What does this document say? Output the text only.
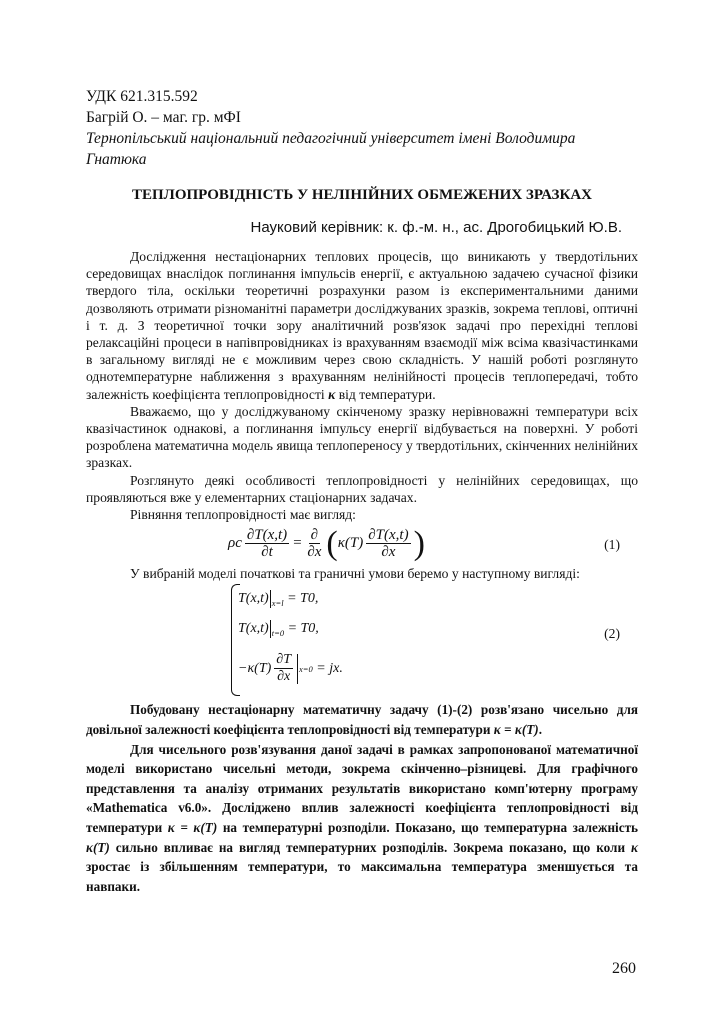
УДК 621.315.592
Багрій О. – маг. гр. мФІ
Тернопільський національний педагогічний університет імені Володимира Гнатюка
ТЕПЛОПРОВІДНІСТЬ У НЕЛІНІЙНИХ ОБМЕЖЕНИХ ЗРАЗКАХ
Науковий керівник: к. ф.-м. н., ас. Дрогобицький Ю.В.

Дослідження нестаціонарних теплових процесів, що виникають у твердотільних середовищах внаслідок поглинання імпульсів енергії, є актуальною задачею сучасної фізики твердого тіла, оскільки теоретичні розрахунки разом із експериментальними даними дозволяють отримати різноманітні параметри досліджуваних зразків, зокрема теплові, оптичні і т. д. З теоретичної точки зору аналітичний розв'язок задачі про перехідні теплові релаксаційні процеси в напівпровідниках із врахуванням взаємодії між всіма квазічастинками в загальному вигляді не є можливим через свою складність. У нашій роботі розглянуто однотемпературне наближення з врахуванням нелінійності процесів теплопередачі, тобто залежність коефіцієнта теплопровідності κ від температури.

Вважаємо, що у досліджуваному скінченому зразку нерівноважні температури всіх квазічастинок однакові, а поглинання імпульсу енергії відбувається на поверхні. У роботі розроблена математична модель явища теплопереносу у твердотільних, скінченних нелінійних зразках.

Розглянуто деякі особливості теплопровідності у нелінійних середовищах, що проявляються вже у елементарних стаціонарних задачах.

Рівняння теплопровідності має вигляд:

ρc $\frac{\partial T(x,t)}{\partial t} = \frac{\partial}{\partial x}$ ( $\kappa(T) \frac{\partial T(x,t)}{\partial x}$ )	(1)

У вибраній моделі початкові та граничні умови беремо у наступному вигляді:

T(x,t) $_{x=l}$ = T0,
T(x,t) $_{t=0}$ = T0,
$-\kappa(T) \frac{\partial T}{\partial x} x=0$
= jx.
(2)

Побудовану нестаціонарну математичну задачу (1)-(2) розв'язано чисельно для довільної залежності коефіцієнта теплопровідності від температури κ = κ(T).

Для чисельного розв'язування даної задачі в рамках запропонованої математичної моделі використано чисельні методи, зокрема скінченно–різницеві. Для графічного представлення та аналізу отриманих результатів використано комп'ютерну програму «Mathematica v6.0». Досліджено вплив залежності коефіцієнта теплопровідності від температури κ = κ(T) на температурні розподіли. Показано, що температурна залежність κ(T) сильно впливає на вигляд температурних розподілів. Зокрема показано, що коли κ зростає із збільшенням температури, то максимальна температура зменшується та навпаки.

260
